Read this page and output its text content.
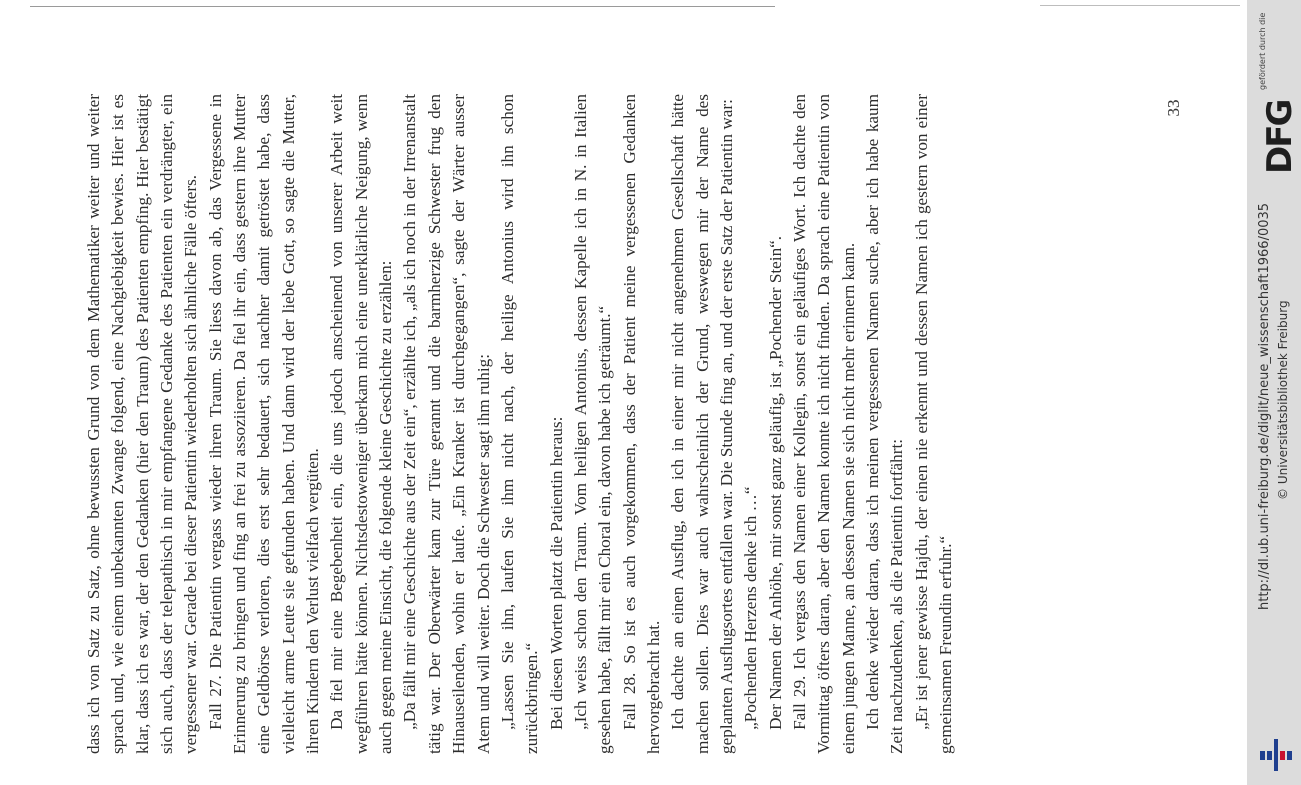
dass ich von Satz zu Satz, ohne bewussten Grund von dem Mathematiker weiter und weiter sprach und, wie einem unbekannten Zwange folgend, eine Nachgiebigkeit bewies. Hier ist es klar, dass ich es war, der den Gedanken (hier den Traum) des Patienten empfing. Hier bestätigt sich auch, dass der telepathisch in mir empfangene Gedanke des Patienten ein verdrängter, ein vergessener war. Gerade bei dieser Patientin wiederholten sich ähnliche Fälle öfters. Fall 27. Die Patientin vergass wieder ihren Traum. Sie liess davon ab, das Vergessene in Erinnerung zu bringen und fing an frei zu assoziieren. Da fiel ihr ein, dass gestern ihre Mutter eine Geldbörse verloren, dies erst sehr bedauert, sich nachher damit getröstet habe, dass vielleicht arme Leute sie gefunden haben. Und dann wird der liebe Gott, so sagte die Mutter, ihren Kindern den Verlust vielfach vergüten. Da fiel mir eine Begebenheit ein, die uns jedoch anscheinend von unserer Arbeit weit wegführen hätte können. Nichtsdestoweniger überkam mich eine unerklärliche Neigung, wenn auch gegen meine Einsicht, die folgende kleine Geschichte zu erzählen: „Da fällt mir eine Geschichte aus der Zeit ein“, erzählte ich, „als ich noch in der Irrenanstalt tätig war. Der Oberwärter kam zur Türe gerannt und die barmherzige Schwester frug den Hinauseilenden, wohin er laufe. „Ein Kranker ist durchgegangen“, sagte der Wärter ausser Atem und will weiter. Doch die Schwester sagt ihm ruhig: „Lassen Sie ihn, laufen Sie ihm nicht nach, der heilige Antonius wird ihn schon zurückbringen.“ Bei diesen Worten platzt die Patientin heraus: „Ich weiss schon den Traum. Vom heiligen Antonius, dessen Kapelle ich in N. in Italien gesehen habe, fällt mir ein Choral ein, davon habe ich geträumt.“ Fall 28. So ist es auch vorgekommen, dass der Patient meine vergessenen Gedanken hervorgebracht hat. Ich dachte an einen Ausflug, den ich in einer mir nicht angenehmen Gesellschaft hätte machen sollen. Dies war auch wahrscheinlich der Grund, weswegen mir der Name des geplanten Ausflugsortes entfallen war. Die Stunde fing an, und der erste Satz der Patientin war: „Pochenden Herzens denke ich …“ Der Namen der Anhöhe, mir sonst ganz geläufig, ist „Pochender Stein“. Fall 29. Ich vergass den Namen einer Kollegin, sonst ein geläufiges Wort. Ich dachte den Vormittag öfters daran, aber den Namen konnte ich nicht finden. Da sprach eine Patientin von einem jungen Manne, an dessen Namen sie sich nicht mehr erinnern kann. Ich denke wieder daran, dass ich meinen vergessenen Namen suche, aber ich habe kaum Zeit nachzudenken, als die Patientin fortfährt: „Er ist jener gewisse Hajdu, der einen nie erkennt und dessen Namen ich gestern von einer gemeinsamen Freundin erfuhr.“

33
http://dl.ub.uni-freiburg.de/diglit/neue_wissenschaft1966/0035 © Universitätsbibliothek Freiburg
gefördert durch die
DFG
